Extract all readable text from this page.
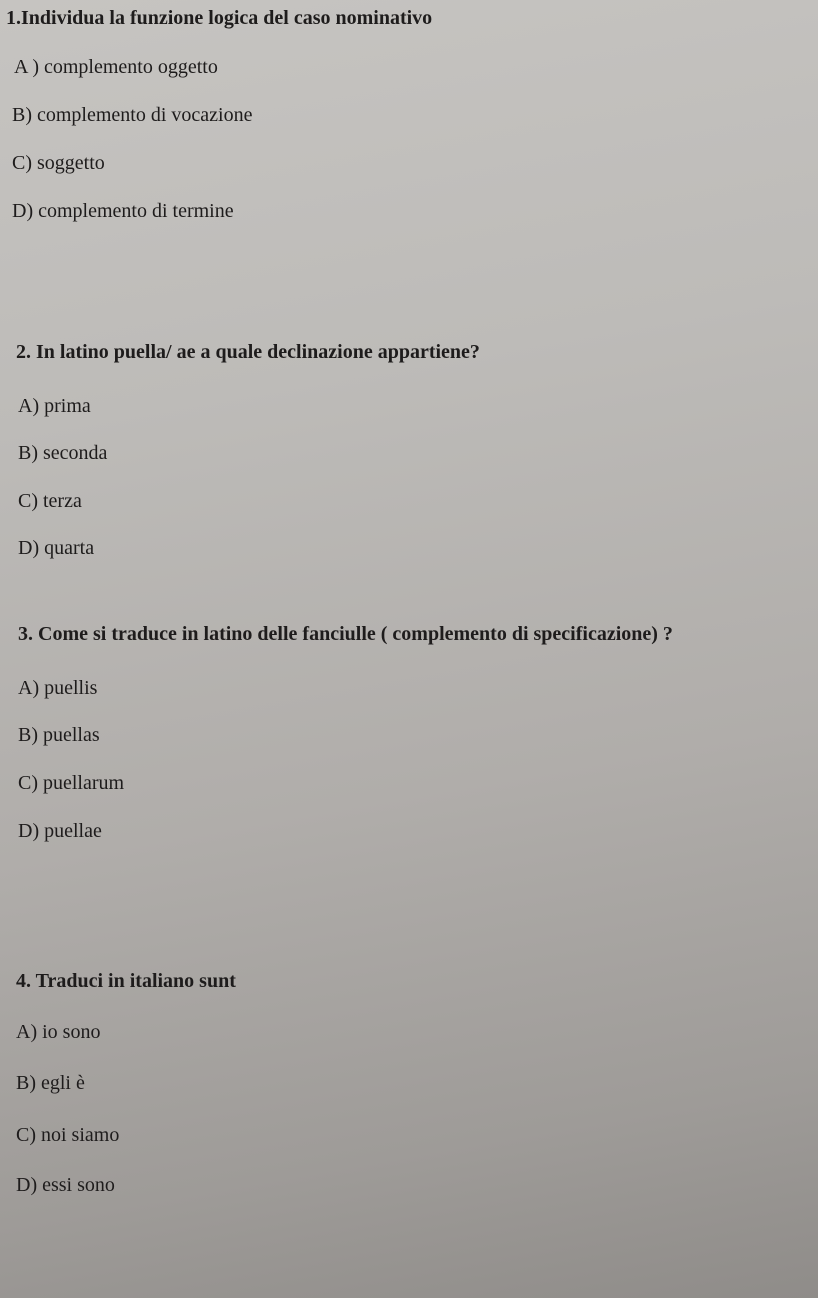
1.Individua la funzione logica del caso nominativo
A ) complemento oggetto
B) complemento di vocazione
C) soggetto
D) complemento di termine
2. In latino puella/ ae a quale declinazione appartiene?
A) prima
B) seconda
C) terza
D) quarta
3. Come si traduce in latino delle fanciulle ( complemento di specificazione) ?
A) puellis
B) puellas
C) puellarum
D) puellae
4. Traduci in italiano sunt
A) io sono
B) egli è
C) noi siamo
D) essi sono
